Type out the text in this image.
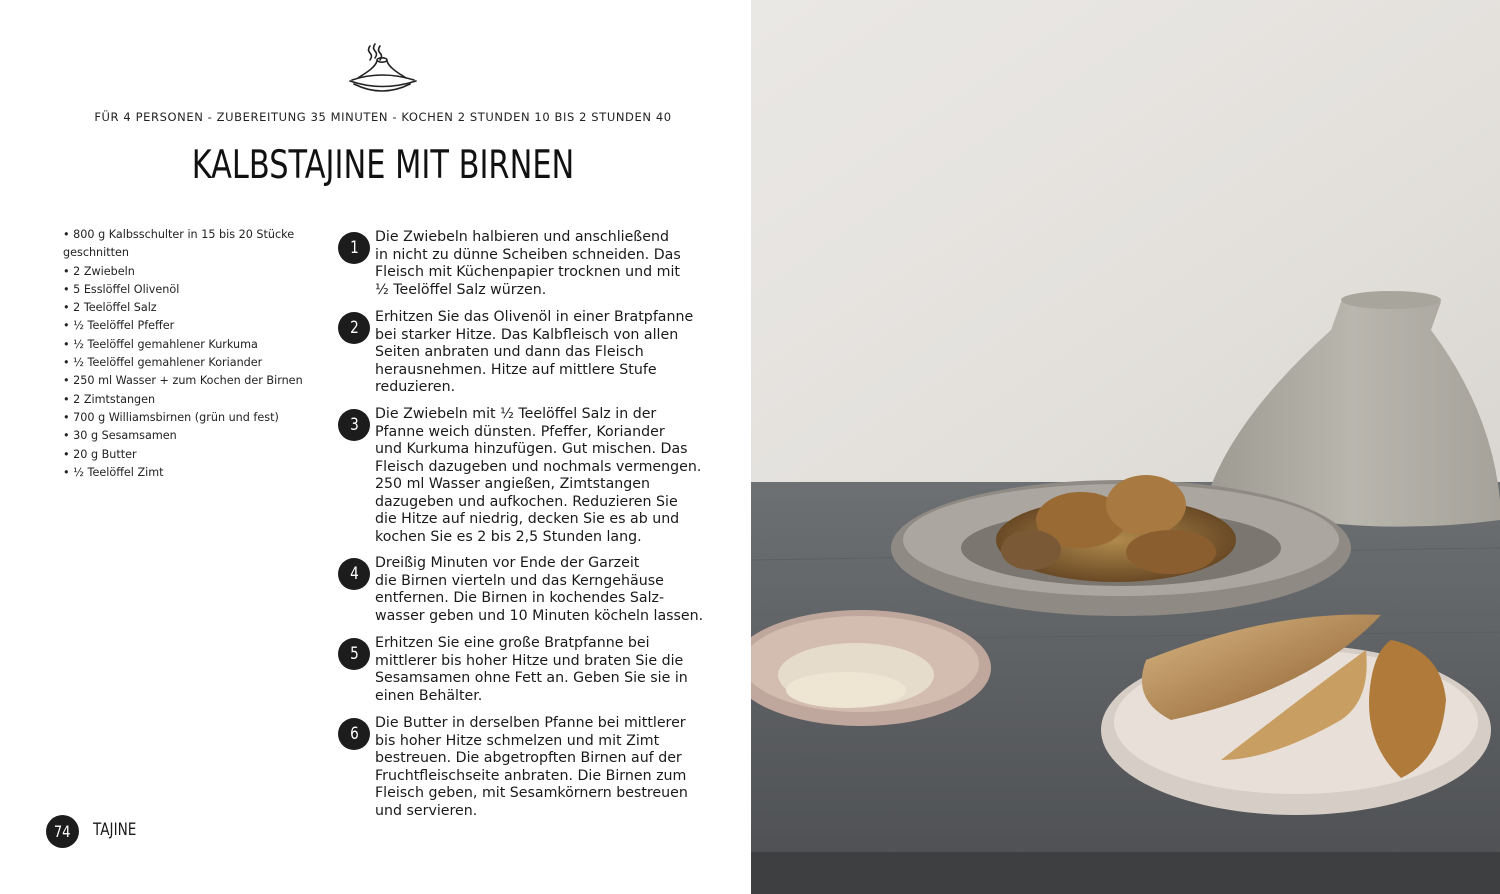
FÜR 4 PERSONEN - ZUBEREITUNG 35 MINUTEN - KOCHEN 2 STUNDEN 10 BIS 2 STUNDEN 40
KALBSTAJINE MIT BIRNEN
• 800 g Kalbsschulter in 15 bis 20 Stücke
geschnitten
• 2 Zwiebeln
• 5 Esslöffel Olivenöl
• 2 Teelöffel Salz
• ½ Teelöffel Pfeffer
• ½ Teelöffel gemahlener Kurkuma
• ½ Teelöffel gemahlener Koriander
• 250 ml Wasser + zum Kochen der Birnen
• 2 Zimtstangen
• 700 g Williamsbirnen (grün und fest)
• 30 g Sesamsamen
• 20 g Butter
• ½ Teelöffel Zimt
1
Die Zwiebeln halbieren und anschließend
in nicht zu dünne Scheiben schneiden. Das
Fleisch mit Küchenpapier trocknen und mit
½ Teelöffel Salz würzen.
2
Erhitzen Sie das Olivenöl in einer Bratpfanne
bei starker Hitze. Das Kalbfleisch von allen
Seiten anbraten und dann das Fleisch
herausnehmen. Hitze auf mittlere Stufe
reduzieren.
3
Die Zwiebeln mit ½ Teelöffel Salz in der
Pfanne weich dünsten. Pfeffer, Koriander
und Kurkuma hinzufügen. Gut mischen. Das
Fleisch dazugeben und nochmals vermengen.
250 ml Wasser angießen, Zimtstangen
dazugeben und aufkochen. Reduzieren Sie
die Hitze auf niedrig, decken Sie es ab und
kochen Sie es 2 bis 2,5 Stunden lang.
4
Dreißig Minuten vor Ende der Garzeit
die Birnen vierteln und das Kerngehäuse
entfernen. Die Birnen in kochendes Salz-
wasser geben und 10 Minuten köcheln lassen.
5
Erhitzen Sie eine große Bratpfanne bei
mittlerer bis hoher Hitze und braten Sie die
Sesamsamen ohne Fett an. Geben Sie sie in
einen Behälter.
6
Die Butter in derselben Pfanne bei mittlerer
bis hoher Hitze schmelzen und mit Zimt
bestreuen. Die abgetropften Birnen auf der
Fruchtfleischseite anbraten. Die Birnen zum
Fleisch geben, mit Sesamkörnern bestreuen
und servieren.
74	TAJINE
